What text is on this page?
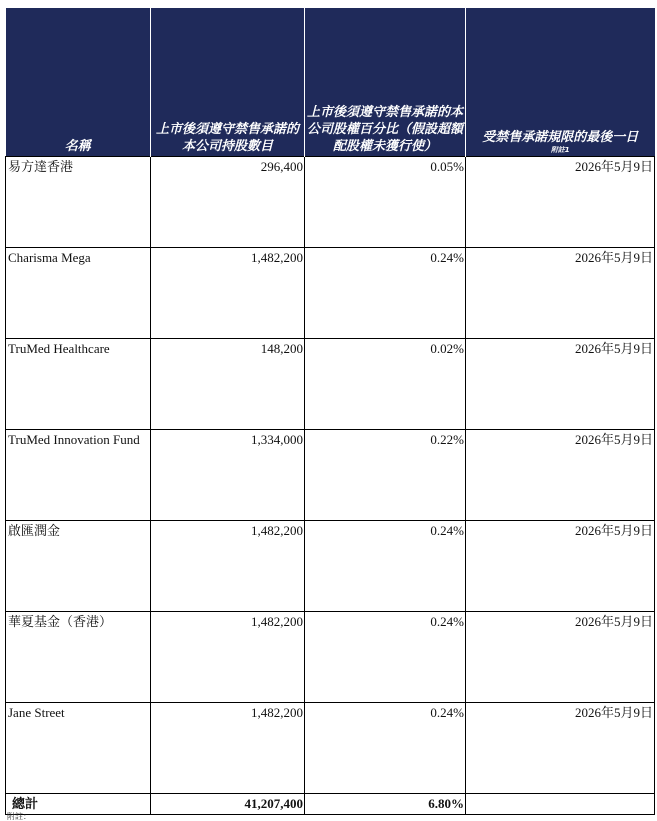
名稱	上市後須遵守禁售承諾的本公司持股數目	上市後須遵守禁售承諾的本公司股權百分比（假設超額配股權未獲行使）	受禁售承諾規限的最後一日
附註1

易方達香港	296,400	0.05%	2026年5月9日
Charisma Mega	1,482,200	0.24%	2026年5月9日
TruMed Healthcare	148,200	0.02%	2026年5月9日
TruMed Innovation Fund	1,334,000	0.22%	2026年5月9日
啟匯潤金	1,482,200	0.24%	2026年5月9日
華夏基金（香港）	1,482,200	0.24%	2026年5月9日
Jane Street	1,482,200	0.24%	2026年5月9日
總計	41,207,400	6.80%	
附註：
